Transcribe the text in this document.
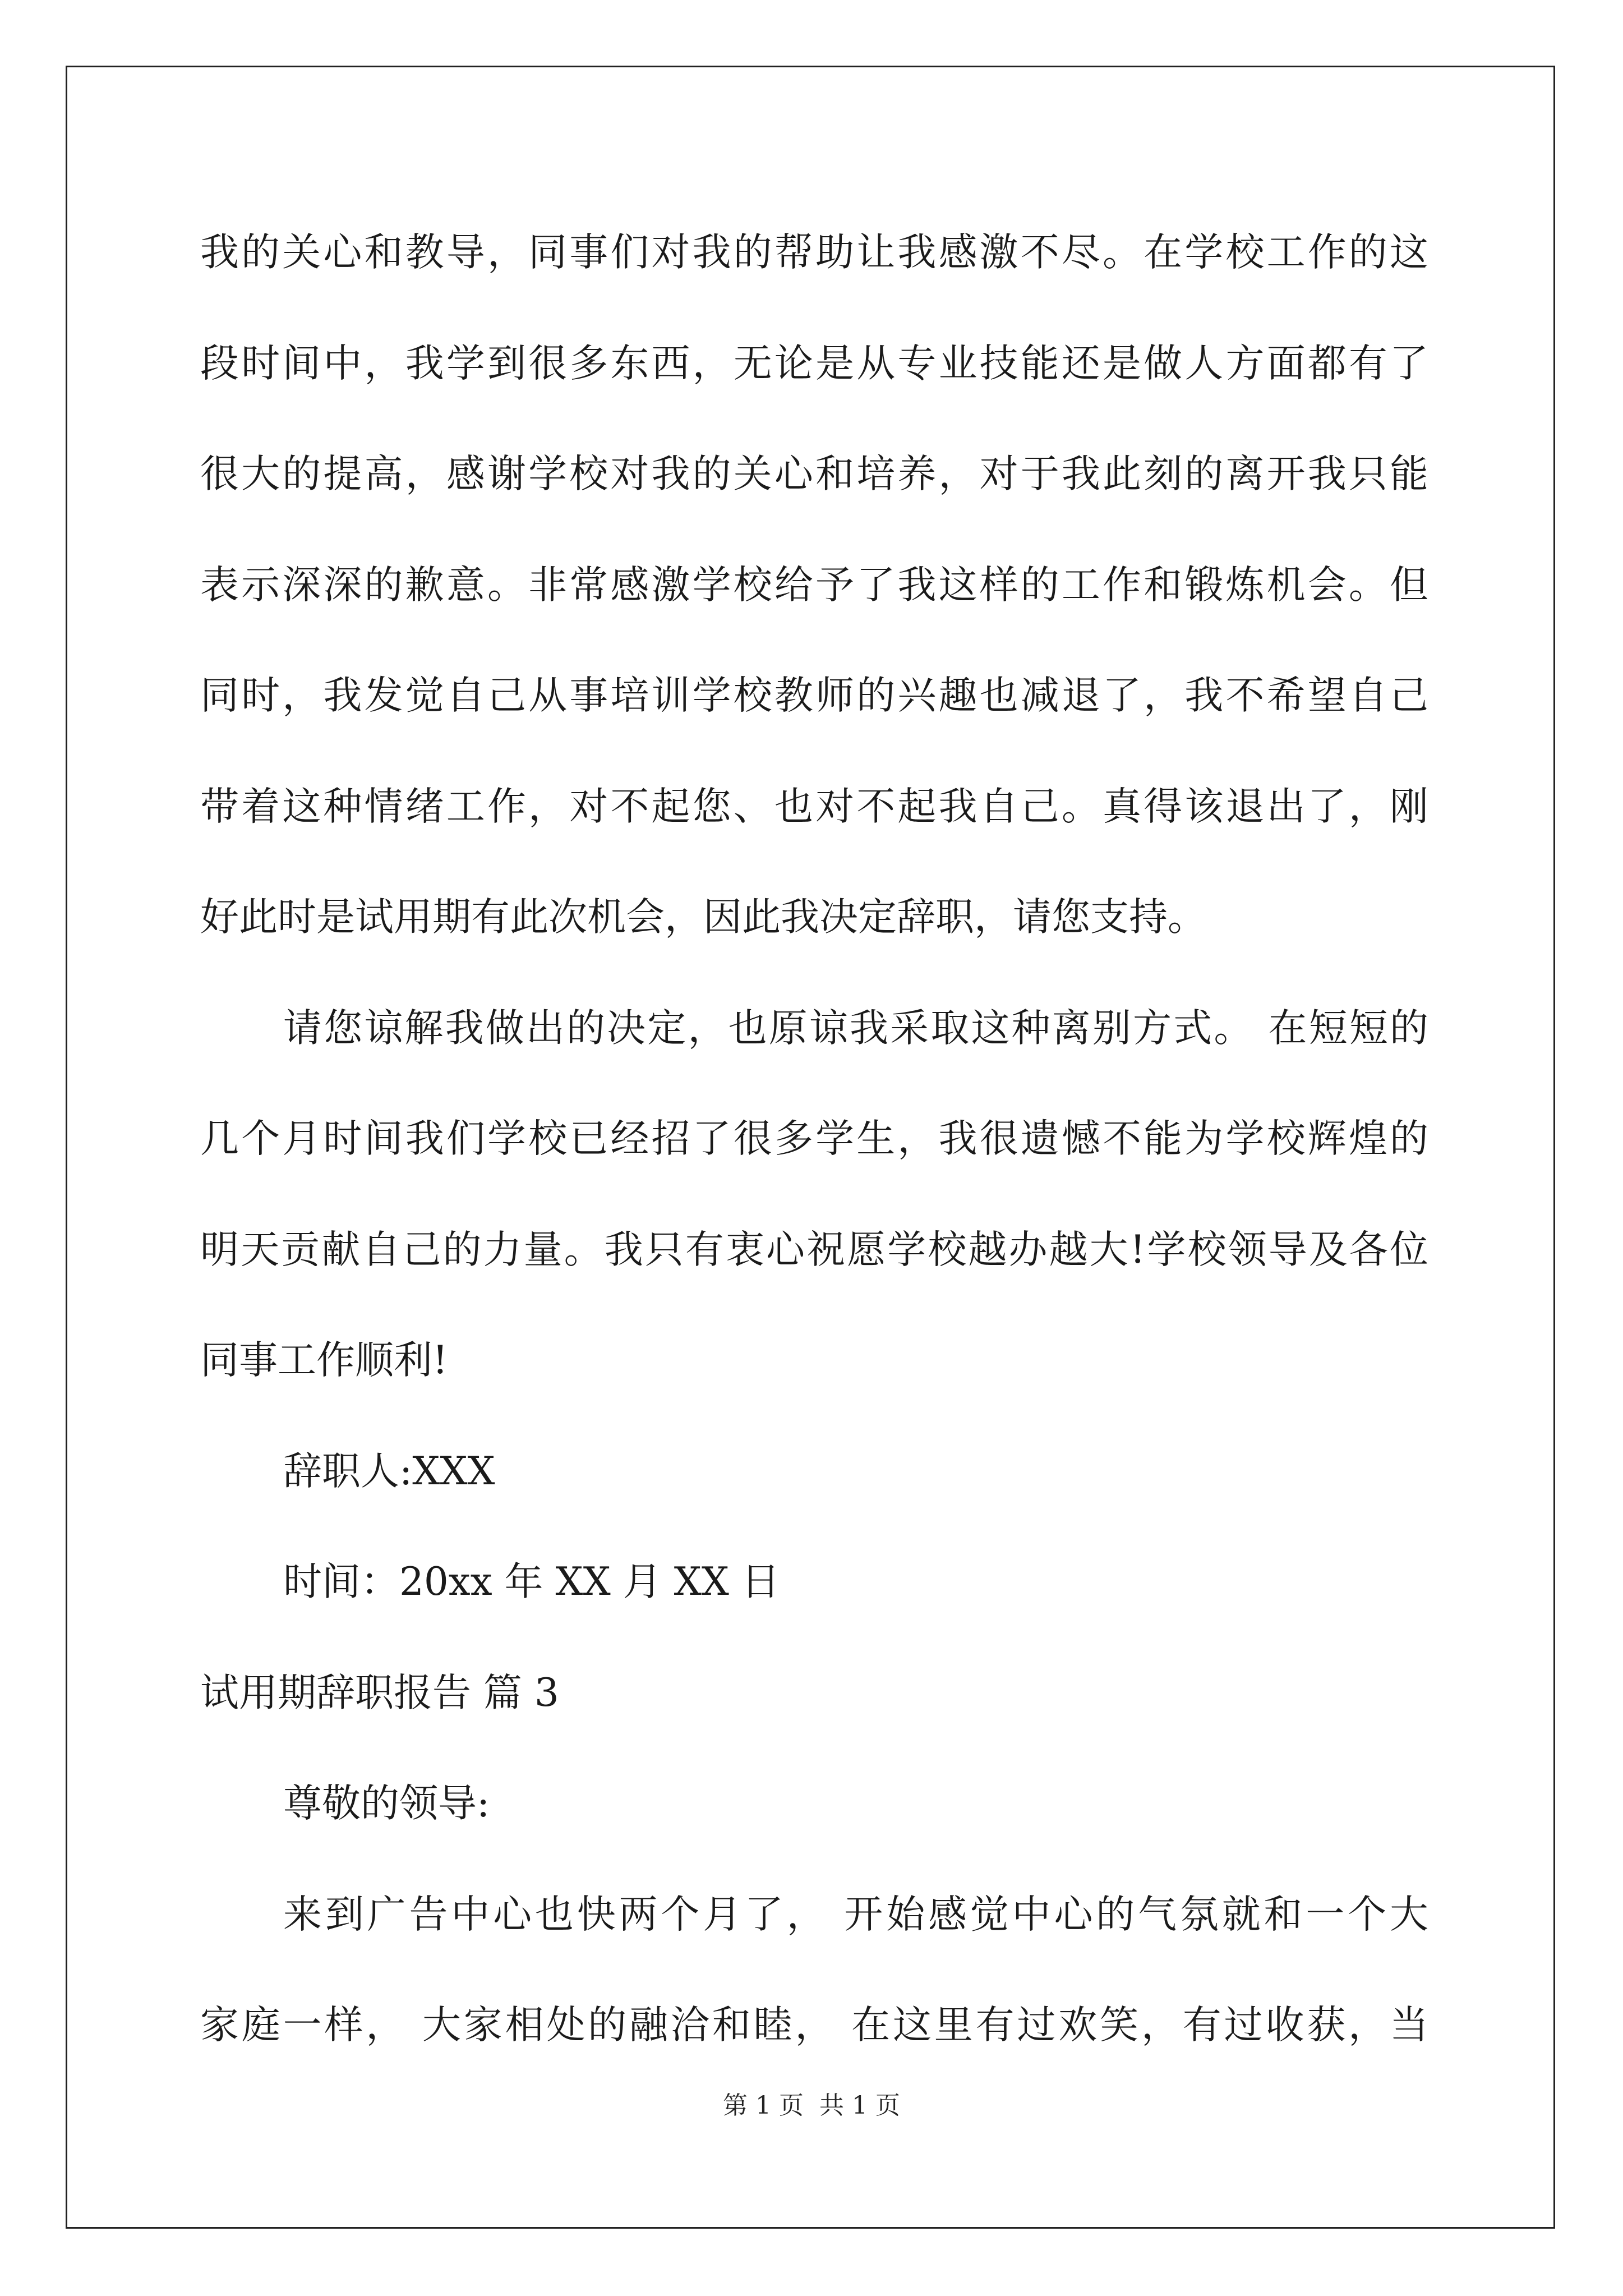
我的关心和教导，同事们对我的帮助让我感激不尽。在学校工作的这
段时间中，我学到很多东西，无论是从专业技能还是做人方面都有了
很大的提高，感谢学校对我的关心和培养，对于我此刻的离开我只能
表示深深的歉意。非常感激学校给予了我这样的工作和锻炼机会。但
同时，我发觉自己从事培训学校教师的兴趣也减退了，我不希望自己
带着这种情绪工作，对不起您、也对不起我自己。真得该退出了，刚
好此时是试用期有此次机会，因此我决定辞职，请您支持。
请您谅解我做出的决定，也原谅我采取这种离别方式。 在短短的
几个月时间我们学校已经招了很多学生，我很遗憾不能为学校辉煌的
明天贡献自己的力量。我只有衷心祝愿学校越办越大!学校领导及各位
同事工作顺利!
辞职人:XXX
时间：20xx 年 XX 月 XX 日
试用期辞职报告 篇 3
尊敬的领导:
来到广告中心也快两个月了， 开始感觉中心的气氛就和一个大
家庭一样， 大家相处的融洽和睦， 在这里有过欢笑，有过收获，当
第 1 页  共 1 页
